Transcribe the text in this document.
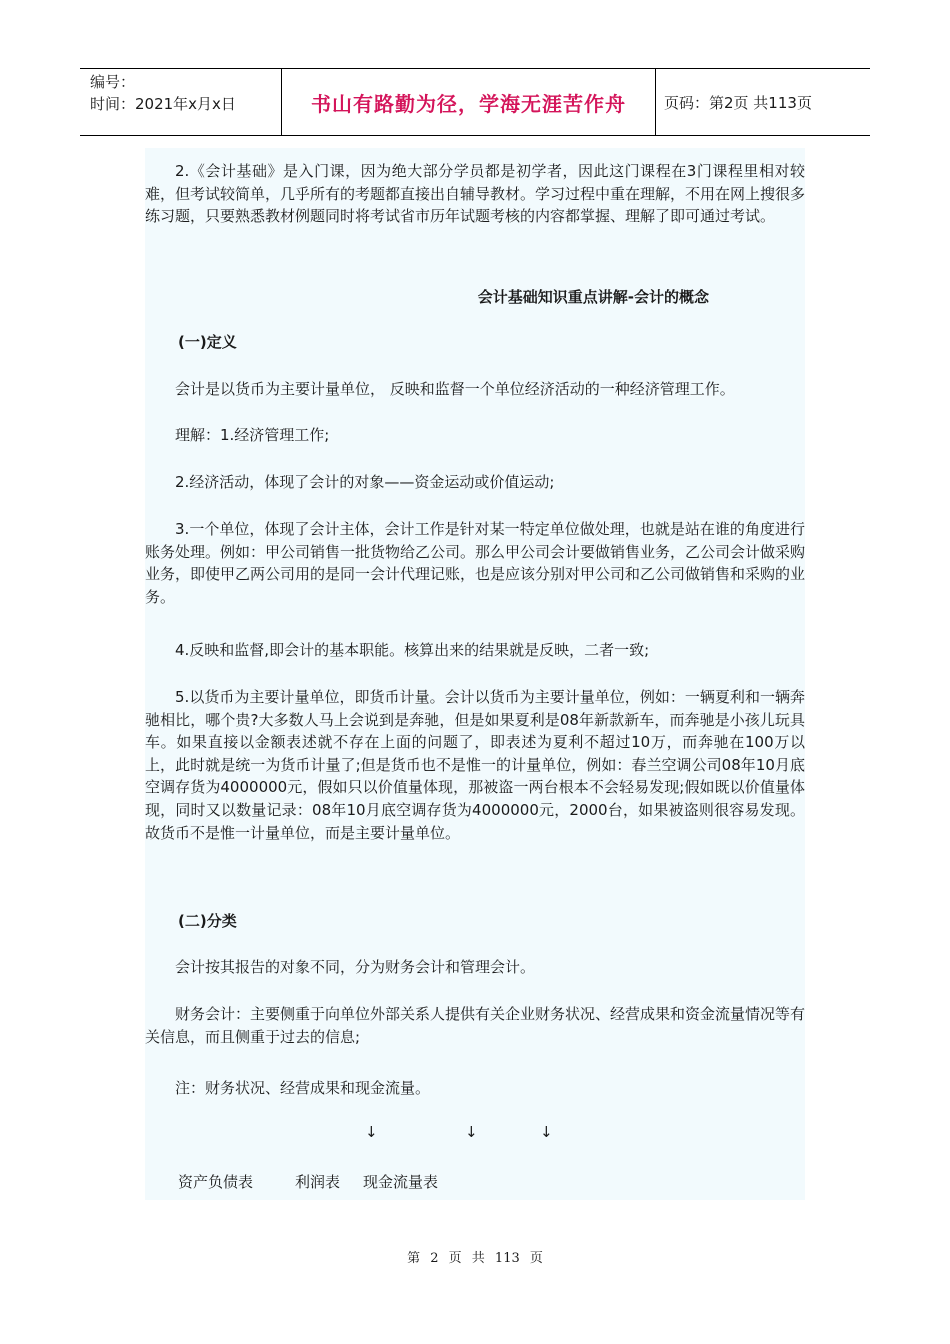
编号：
时间：2021年x月x日	书山有路勤为径，学海无涯苦作舟	页码：第2页 共113页

2.《会计基础》是入门课，因为绝大部分学员都是初学者，因此这门课程在3门课程里相对较难，但考试较简单，几乎所有的考题都直接出自辅导教材。学习过程中重在理解，不用在网上搜很多练习题，只要熟悉教材例题同时将考试省市历年试题考核的内容都掌握、理解了即可通过考试。

会计基础知识重点讲解-会计的概念
(一)定义

会计是以货币为主要计量单位， 反映和监督一个单位经济活动的一种经济管理工作。

理解：1.经济管理工作;

2.经济活动，体现了会计的对象——资金运动或价值运动;

3.一个单位，体现了会计主体，会计工作是针对某一特定单位做处理，也就是站在谁的角度进行账务处理。例如：甲公司销售一批货物给乙公司。那么甲公司会计要做销售业务，乙公司会计做采购业务，即使甲乙两公司用的是同一会计代理记账，也是应该分别对甲公司和乙公司做销售和采购的业务。

4.反映和监督,即会计的基本职能。核算出来的结果就是反映，二者一致;

5.以货币为主要计量单位，即货币计量。会计以货币为主要计量单位，例如：一辆夏利和一辆奔驰相比，哪个贵?大多数人马上会说到是奔驰，但是如果夏利是08年新款新车，而奔驰是小孩儿玩具车。如果直接以金额表述就不存在上面的问题了，即表述为夏利不超过10万，而奔驰在100万以上，此时就是统一为货币计量了;但是货币也不是惟一的计量单位，例如：春兰空调公司08年10月底空调存货为4000000元，假如只以价值量体现，那被盗一两台根本不会轻易发现;假如既以价值量体现，同时又以数量记录：08年10月底空调存货为4000000元，2000台，如果被盗则很容易发现。故货币不是惟一计量单位，而是主要计量单位。

(二)分类

会计按其报告的对象不同，分为财务会计和管理会计。

财务会计：主要侧重于向单位外部关系人提供有关企业财务状况、经营成果和资金流量情况等有关信息，而且侧重于过去的信息;

注：财务状况、经营成果和现金流量。

↓	↓	↓
资产负债表	利润表 现金流量表
第 2 页 共 113 页
